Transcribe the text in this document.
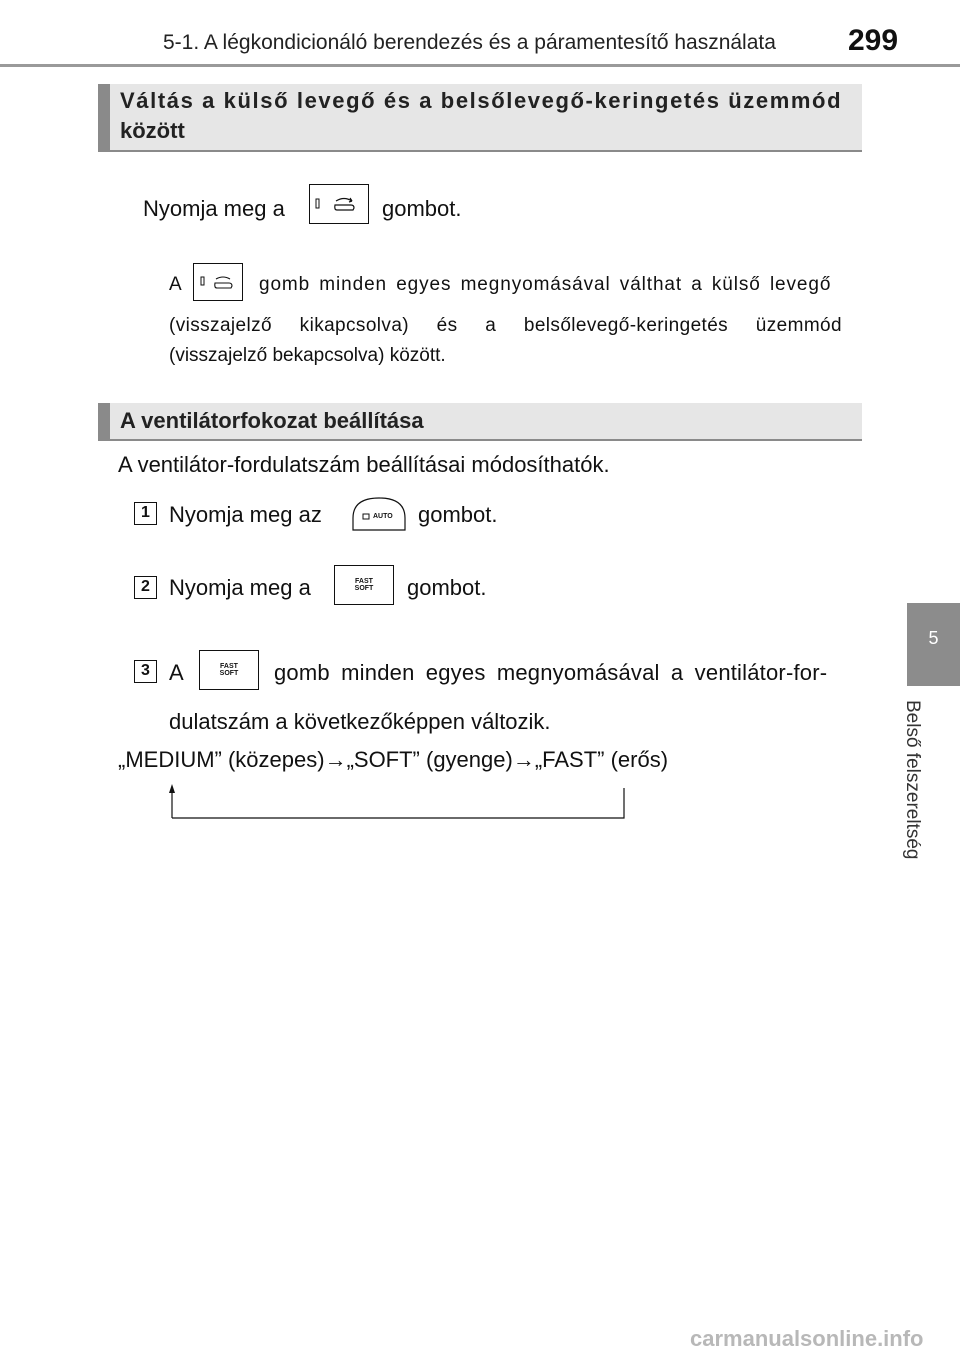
5-1. A légkondicionáló berendezés és a páramentesítő használata 299
5
Belső felszereltség
Váltás a külső levegő és a belsőlevegő-keringetés üzemmód
között
Nyomja meg a	gombot.
A	gomb minden egyes megnyomásával válthat a külső levegő
(visszajelző kikapcsolva) és a belsőlevegő-keringetés üzemmód
(visszajelző bekapcsolva) között.
A ventilátorfokozat beállítása
A ventilátor-fordulatszám beállításai módosíthatók.
1 Nyomja meg az	AUTO gombot.
2 Nyomja meg a	FAST
SOFT	gombot.
3 A	FAST
SOFT	gomb minden egyes megnyomásával a ventilátor-for-
dulatszám a következőképpen változik.
„MEDIUM” (közepes)→„SOFT” (gyenge)→„FAST” (erős)
carmanualsonline.info
